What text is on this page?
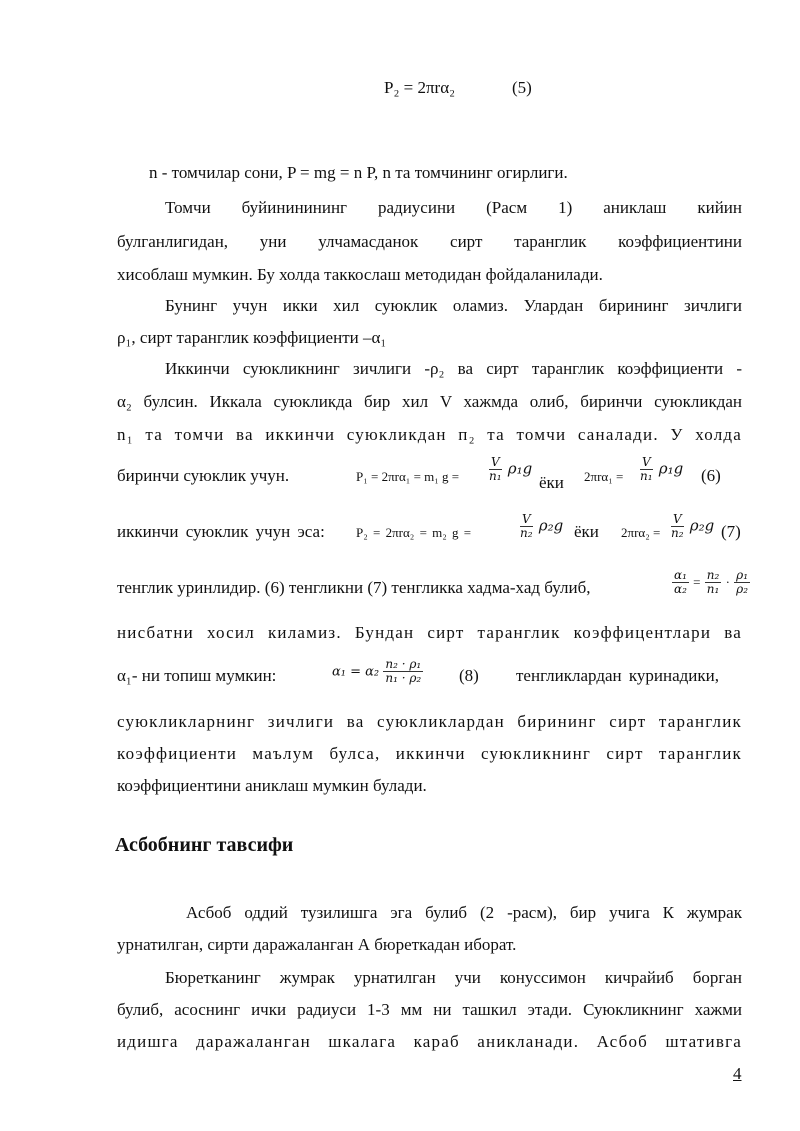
P₂ = 2πrα₂	(5)
n - томчилар сони, P = mg = n P, n та томчининг огирлиги.
Томчи буйининининг радиусини (Расм 1) аниклаш кийин
булганлигидан, уни улчамасданок сирт таранглик коэффициентини
хисоблаш мумкин. Бу холда таккослаш методидан фойдаланилади.
Бунинг учун икки хил суюклик оламиз. Улардан бирининг зичлиги
ρ₁, сирт таранглик коэффициенти –α₁
Иккинчи суюкликнинг зичлиги -ρ₂ ва сирт таранглик коэффициенти -
α₂ булсин. Иккала суюкликда бир хил V хажмда олиб, биринчи суюкликдан
n₁ та томчи ва иккинчи суюкликдан п₂ та томчи саналади. У холда
биринчи суюклик учун.	P₁ = 2πrα₁ = m₁ $g = \frac{V}{\text{n₁}} \rho_1g$
ёки $2\pi r\alpha_1 = \frac{V}{\text{n₁}} \rho_1g$ (6)
иккинчи суюклик учун эса: P₂ = 2πrα₂ = m₂ g =	$\frac{V}{\text{n₂}} \rho_2g$ ёки $2\pi r\alpha_2 = \frac{V}{\text{n₂}} \rho_2g$ (7)
тенглик уринлидир. (6) тенгликни (7) тенгликка хадма-хад булиб,	$\frac{\text{α₁}}{\text{α₂}} = \frac{\text{n₂}}{\text{n₁}} \cdot \frac{\text{ρ₁}}{\text{ρ₂}}$
нисбатни хосил киламиз. Бундан сирт таранглик коэффицентлари ва
α₁- ни топиш мумкин:	$\alpha_1 = \alpha_2 \frac{\text{n₂ · ρ₁}}{\text{n₁ · ρ₂}} (8)$ тенгликлардан куринадики,
суюкликларнинг зичлиги ва суюкликлардан бирининг сирт таранглик
коэффициенти маълум булса, иккинчи суюкликнинг сирт таранглик
коэффициентини аниклаш мумкин булади.
Асбобнинг тавсифи
Асбоб оддий тузилишга эга булиб (2 -расм), бир учига К жумрак
урнатилган, сирти даражаланган А бюреткадан иборат.
Бюретканинг жумрак урнатилган учи конуссимон кичрайиб борган
булиб, асоснинг ички радиуси 1-3 мм ни ташкил этади. Суюкликнинг хажми
идишга даражаланган шкалага караб аникланади. Асбоб штативга
4
